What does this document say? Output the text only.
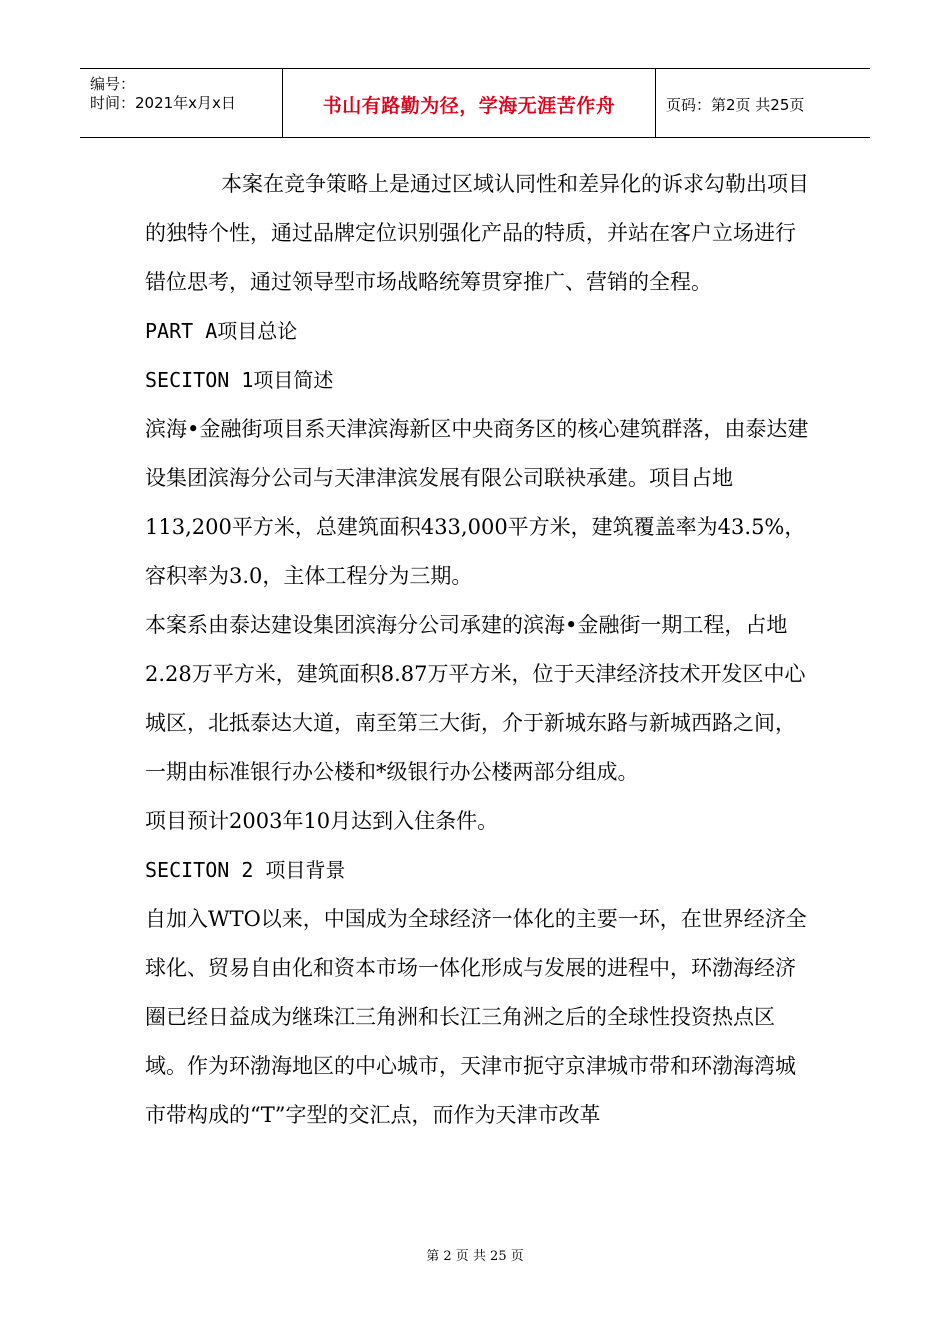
编号：
时间：2021年x月x日	书山有路勤为径，学海无涯苦作舟	页码：第2页 共25页

本案在竞争策略上是通过区域认同性和差异化的诉求勾勒出项目的独特个性，通过品牌定位识别强化产品的特质，并站在客户立场进行错位思考，通过领导型市场战略统筹贯穿推广、营销的全程。

PART A项目总论

SECITON 1项目简述

滨海•金融街项目系天津滨海新区中央商务区的核心建筑群落，由泰达建设集团滨海分公司与天津津滨发展有限公司联袂承建。项目占地113,200平方米，总建筑面积433,000平方米，建筑覆盖率为43.5%，容积率为3.0，主体工程分为三期。

本案系由泰达建设集团滨海分公司承建的滨海•金融街一期工程，占地2.28万平方米，建筑面积8.87万平方米，位于天津经济技术开发区中心城区，北抵泰达大道，南至第三大街，介于新城东路与新城西路之间，一期由标准银行办公楼和*级银行办公楼两部分组成。

项目预计2003年10月达到入住条件。

SECITON 2 项目背景

自加入WTO以来，中国成为全球经济一体化的主要一环，在世界经济全球化、贸易自由化和资本市场一体化形成与发展的进程中，环渤海经济圈已经日益成为继珠江三角洲和长江三角洲之后的全球性投资热点区域。作为环渤海地区的中心城市，天津市扼守京津城市带和环渤海湾城市带构成的“T”字型的交汇点，而作为天津市改革

第 2 页 共 25 页
